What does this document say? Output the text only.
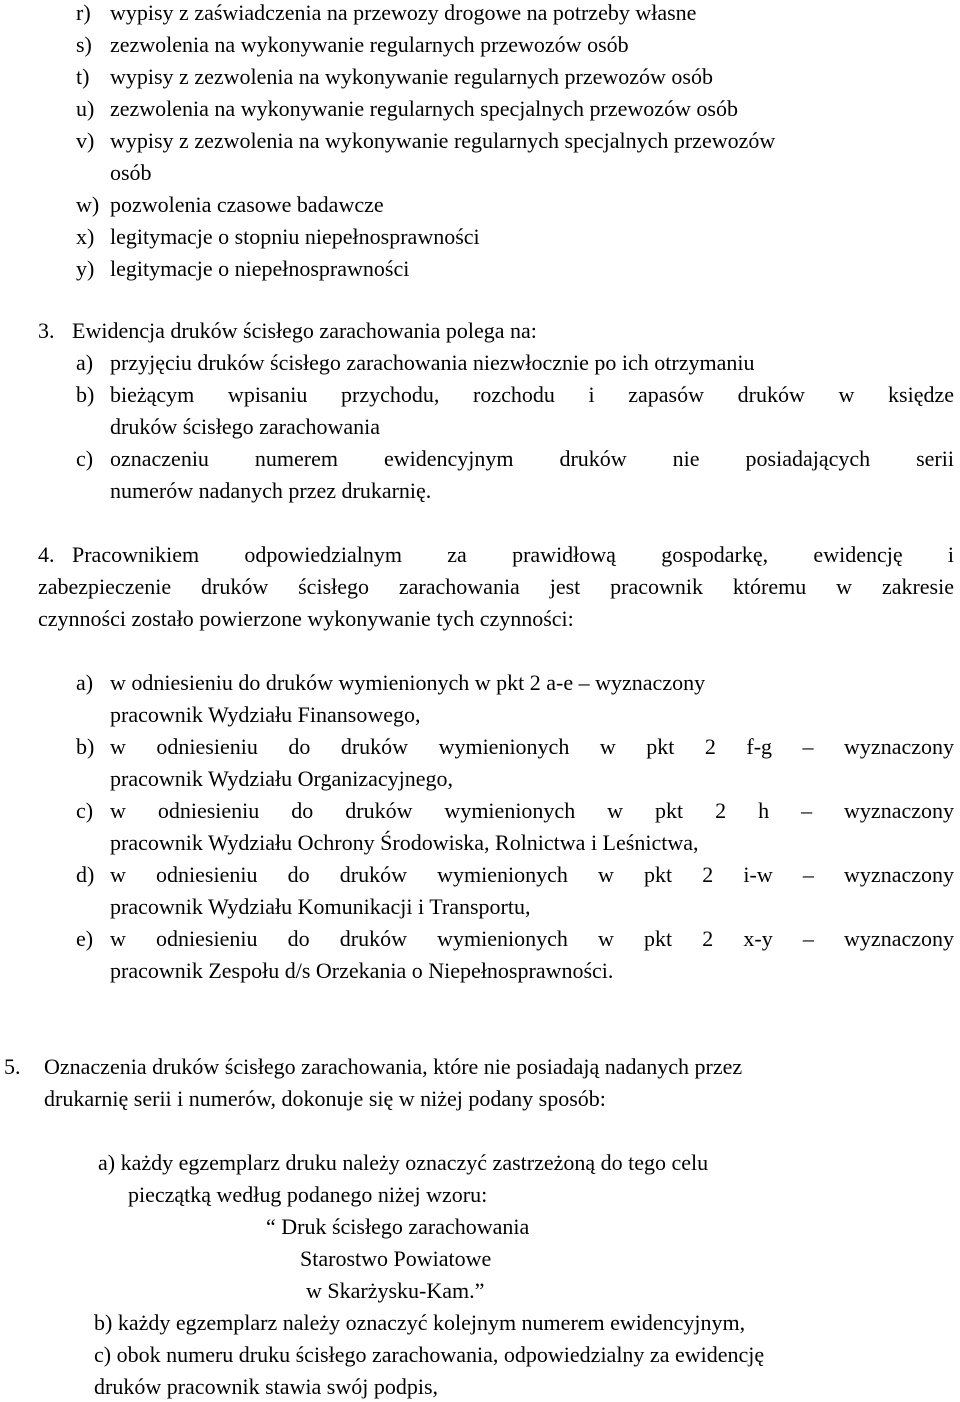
r) wypisy z zaświadczenia na przewozy drogowe na potrzeby własne
s) zezwolenia na wykonywanie regularnych przewozów osób
t) wypisy z zezwolenia na wykonywanie regularnych przewozów osób
u) zezwolenia na wykonywanie regularnych specjalnych przewozów osób
v) wypisy z zezwolenia na wykonywanie regularnych specjalnych przewozów
osób
w) pozwolenia czasowe badawcze
x) legitymacje o stopniu niepełnosprawności
y) legitymacje o niepełnosprawności
3. Ewidencja druków ścisłego zarachowania polega na:
a) przyjęciu druków ścisłego zarachowania niezwłocznie po ich otrzymaniu
b) bieżącym wpisaniu przychodu, rozchodu i zapasów druków w księdze
druków ścisłego zarachowania
c) oznaczeniu numerem ewidencyjnym druków nie posiadających serii
numerów nadanych przez drukarnię.
4. Pracownikiem odpowiedzialnym za prawidłową gospodarkę, ewidencję i
zabezpieczenie druków ścisłego zarachowania jest pracownik któremu w zakresie
czynności zostało powierzone wykonywanie tych czynności:
a) w odniesieniu do druków wymienionych w pkt 2 a-e – wyznaczony
pracownik Wydziału Finansowego,
b) w odniesieniu do druków wymienionych w pkt 2 f-g – wyznaczony
pracownik Wydziału Organizacyjnego,
c) w odniesieniu do druków wymienionych w pkt 2 h – wyznaczony
pracownik Wydziału Ochrony Środowiska, Rolnictwa i Leśnictwa,
d) w odniesieniu do druków wymienionych w pkt 2 i-w – wyznaczony
pracownik Wydziału Komunikacji i Transportu,
e) w odniesieniu do druków wymienionych w pkt 2 x-y – wyznaczony
pracownik Zespołu d/s Orzekania o Niepełnosprawności.
5. Oznaczenia druków ścisłego zarachowania, które nie posiadają nadanych przez
drukarnię serii i numerów, dokonuje się w niżej podany sposób:
a) każdy egzemplarz druku należy oznaczyć zastrzeżoną do tego celu
pieczątką według podanego niżej wzoru:
“ Druk ścisłego zarachowania
Starostwo Powiatowe
w Skarżysku-Kam.”
b) każdy egzemplarz należy oznaczyć kolejnym numerem ewidencyjnym,
c) obok numeru druku ścisłego zarachowania, odpowiedzialny za ewidencję
druków pracownik stawia swój podpis,
